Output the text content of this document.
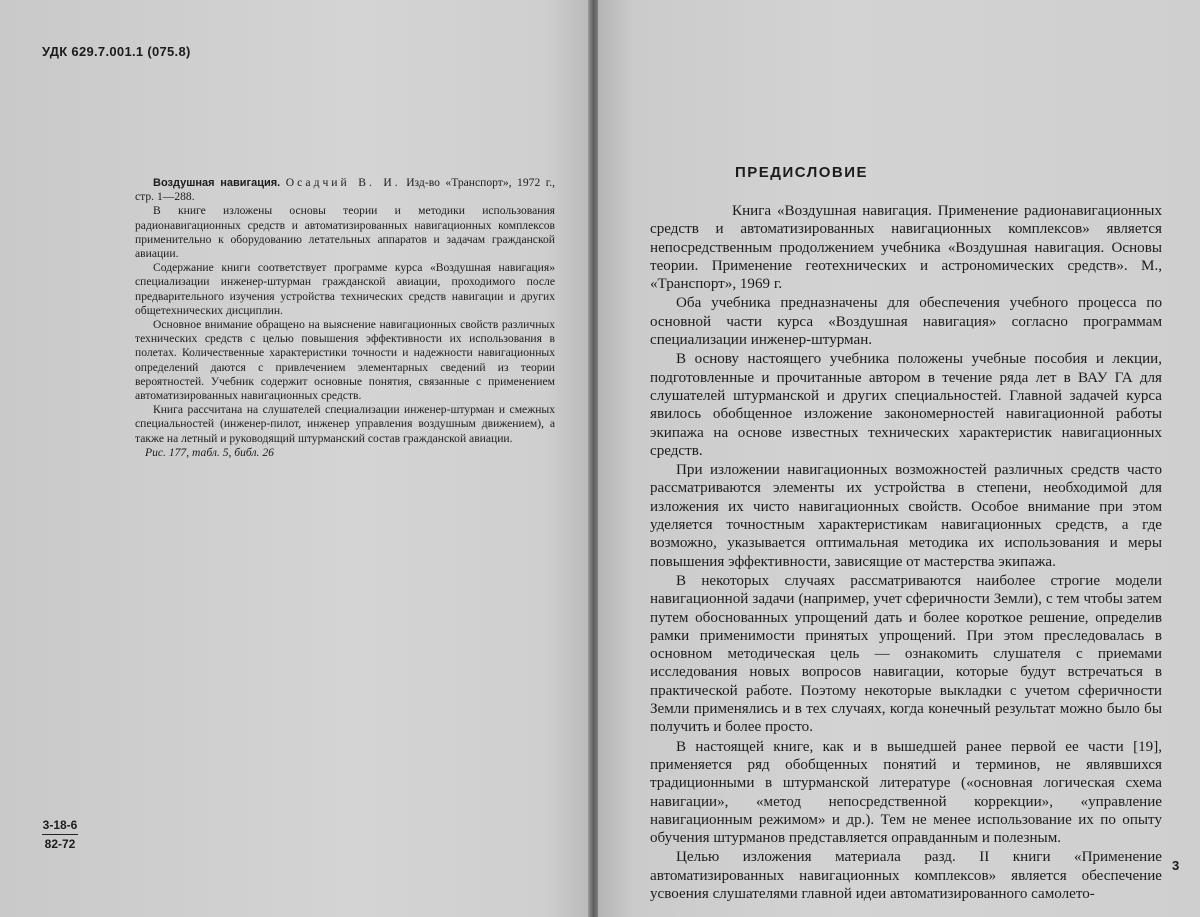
УДК 629.7.001.1 (075.8)

Воздушная навигация. Осадчий В. И. Изд-во «Транспорт», 1972 г., стр. 1—288.

В книге изложены основы теории и методики использования радионавигационных средств и автоматизированных навигационных комплексов применительно к оборудованию летательных аппаратов и задачам гражданской авиации.

Содержание книги соответствует программе курса «Воздушная навигация» специализации инженер-штурман гражданской авиации, проходимого после предварительного изучения устройства технических средств навигации и других общетехнических дисциплин.

Основное внимание обращено на выяснение навигационных свойств различных технических средств с целью повышения эффективности их использования в полетах. Количественные характеристики точности и надежности навигационных определений даются с привлечением элементарных сведений из теории вероятностей. Учебник содержит основные понятия, связанные с применением автоматизированных навигационных средств.

Книга рассчитана на слушателей специализации инженер-штурман и смежных специальностей (инженер-пилот, инженер управления воздушным движением), а также на летный и руководящий штурманский состав гражданской авиации.

Рис. 177, табл. 5, библ. 26

3-18-6
82-72
ПРЕДИСЛОВИЕ

Книга «Воздушная навигация. Применение радионавигационных средств и автоматизированных навигационных комплексов» является непосредственным продолжением учебника «Воздушная навигация. Основы теории. Применение геотехнических и астрономических средств». М., «Транспорт», 1969 г.

Оба учебника предназначены для обеспечения учебного процесса по основной части курса «Воздушная навигация» согласно программам специализации инженер-штурман.

В основу настоящего учебника положены учебные пособия и лекции, подготовленные и прочитанные автором в течение ряда лет в ВАУ ГА для слушателей штурманской и других специальностей. Главной задачей курса явилось обобщенное изложение закономерностей навигационной работы экипажа на основе известных технических характеристик навигационных средств.

При изложении навигационных возможностей различных средств часто рассматриваются элементы их устройства в степени, необходимой для изложения их чисто навигационных свойств. Особое внимание при этом уделяется точностным характеристикам навигационных средств, а где возможно, указывается оптимальная методика их использования и меры повышения эффективности, зависящие от мастерства экипажа.

В некоторых случаях рассматриваются наиболее строгие модели навигационной задачи (например, учет сферичности Земли), с тем чтобы затем путем обоснованных упрощений дать и более короткое решение, определив рамки применимости принятых упрощений. При этом преследовалась в основном методическая цель — ознакомить слушателя с приемами исследования новых вопросов навигации, которые будут встречаться в практической работе. Поэтому некоторые выкладки с учетом сферичности Земли применялись и в тех случаях, когда конечный результат можно было бы получить и более просто.

В настоящей книге, как и в вышедшей ранее первой ее части [19], применяется ряд обобщенных понятий и терминов, не являвшихся традиционными в штурманской литературе («основная логическая схема навигации», «метод непосредственной коррекции», «управление навигационным режимом» и др.). Тем не менее использование их по опыту обучения штурманов представляется оправданным и полезным.

Целью изложения материала разд. II книги «Применение автоматизированных навигационных комплексов» является обеспечение усвоения слушателями главной идеи автоматизированного самолето-

3
